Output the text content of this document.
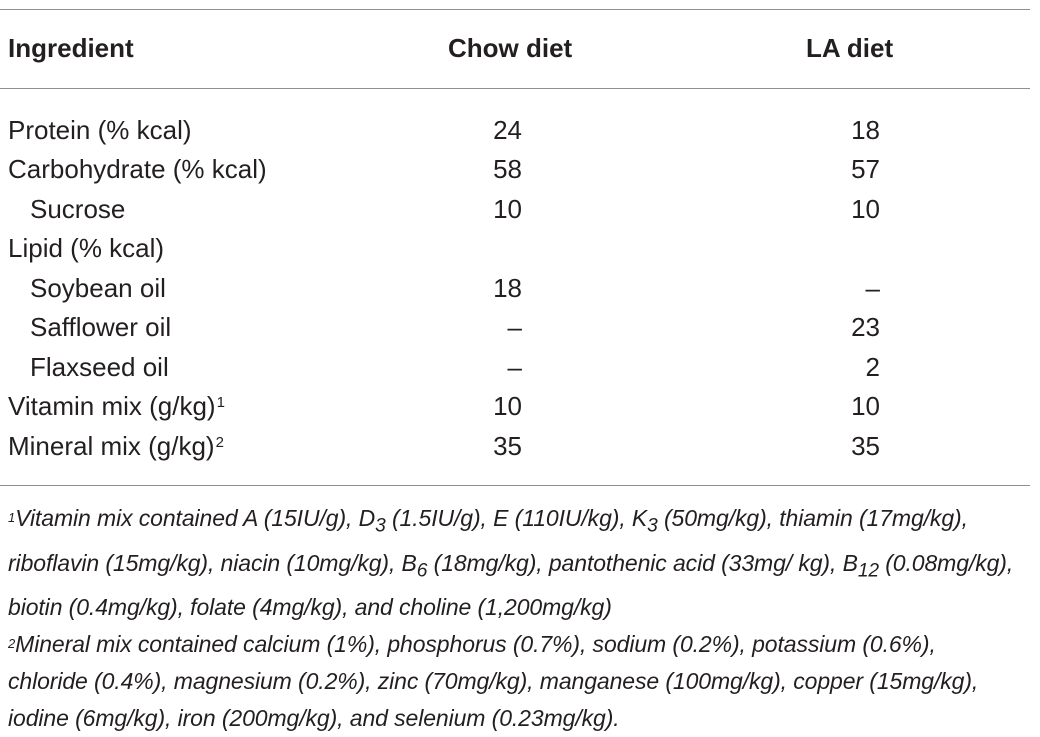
Ingredient	Chow diet	LA diet
Protein (% kcal)	24	18
Carbohydrate (% kcal)	58	57
Sucrose	10	10
Lipid (% kcal)
Soybean oil	18	–
Safflower oil	–	23
Flaxseed oil	–	2
Vitamin mix (g/kg)$^1$	10	10
Mineral mix (g/kg)$^2$	35	35

$^1$Vitamin mix contained A (15IU/g), $D_3$ (1.5IU/g), E (110IU/kg), $K_3$ (50mg/kg), thiamin (17mg/kg), riboflavin (15mg/kg), niacin (10mg/kg), $B_6$ (18mg/kg), pantothenic acid (33mg/ kg), $B_{12}$ (0.08mg/kg), biotin (0.4mg/kg), folate (4mg/kg), and choline (1,200mg/kg)

$^2$Mineral mix contained calcium (1%), phosphorus (0.7%), sodium (0.2%), potassium (0.6%), chloride (0.4%), magnesium (0.2%), zinc (70mg/kg), manganese (100mg/kg), copper (15mg/kg), iodine (6mg/kg), iron (200mg/kg), and selenium (0.23mg/kg).
